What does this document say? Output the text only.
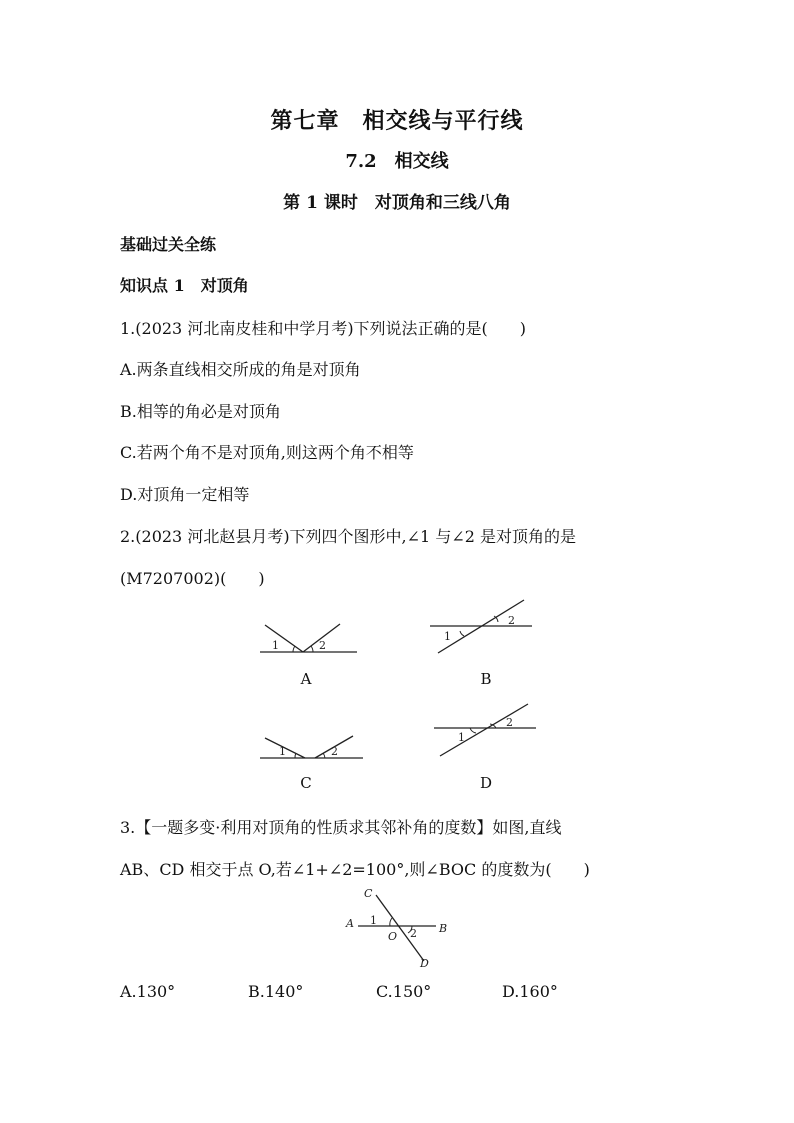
第七章　相交线与平行线
7.2　相交线
第 1 课时　对顶角和三线八角
基础过关全练
知识点 1　对顶角
1.(2023 河北南皮桂和中学月考)下列说法正确的是(　　)
A.两条直线相交所成的角是对顶角
B.相等的角必是对顶角
C.若两个角不是对顶角,则这两个角不相等
D.对顶角一定相等
2.(2023 河北赵县月考)下列四个图形中,∠1 与∠2 是对顶角的是
(M7207002)(　　)
1	2
A
1
2
B
1	2
C
1
2
D
3.【一题多变·利用对顶角的性质求其邻补角的度数】如图,直线
AB、CD 相交于点 O,若∠1+∠2=100°,则∠BOC 的度数为(　　)
C
A	B
O
D
1
2
A.130°	B.140°	C.150°	D.160°
